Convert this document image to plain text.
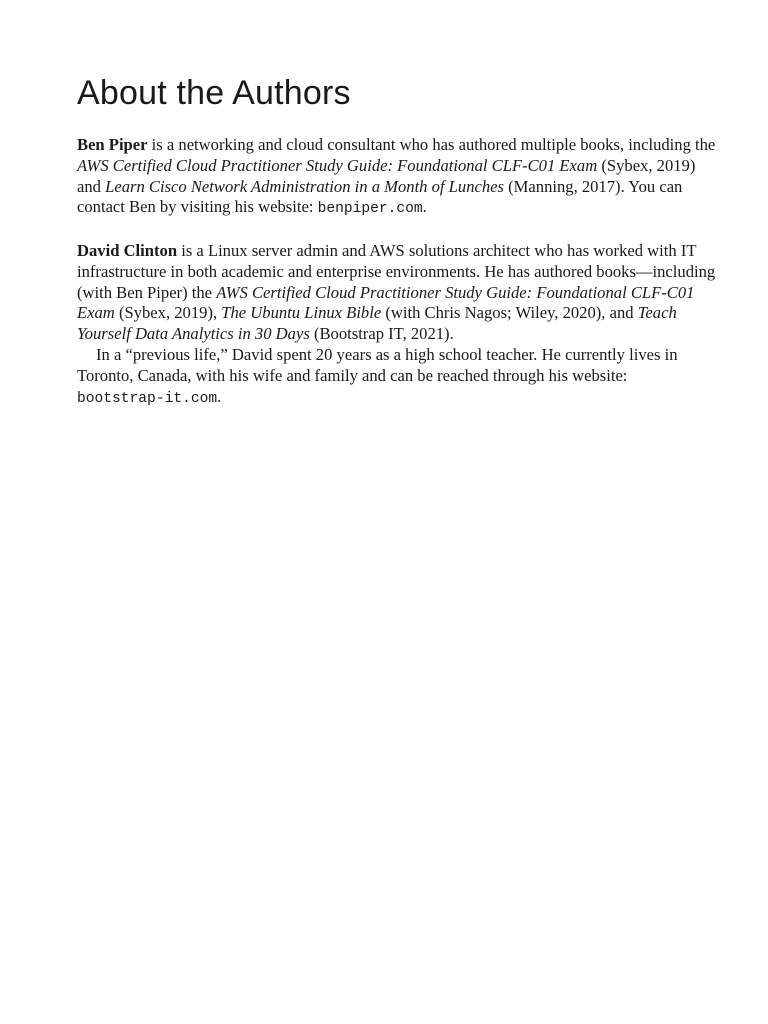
About the Authors

Ben Piper is a networking and cloud consultant who has authored multiple books, including the AWS Certified Cloud Practitioner Study Guide: Foundational CLF-C01 Exam (Sybex, 2019) and Learn Cisco Network Administration in a Month of Lunches (Manning, 2017). You can contact Ben by visiting his website: benpiper.com.

David Clinton is a Linux server admin and AWS solutions architect who has worked with IT infrastructure in both academic and enterprise environments. He has authored books—including (with Ben Piper) the AWS Certified Cloud Practitioner Study Guide: Foundational CLF-C01 Exam (Sybex, 2019), The Ubuntu Linux Bible (with Chris Nagos; Wiley, 2020), and Teach Yourself Data Analytics in 30 Days (Bootstrap IT, 2021).

In a “previous life,” David spent 20 years as a high school teacher. He currently lives in Toronto, Canada, with his wife and family and can be reached through his website: bootstrap-it.com.
